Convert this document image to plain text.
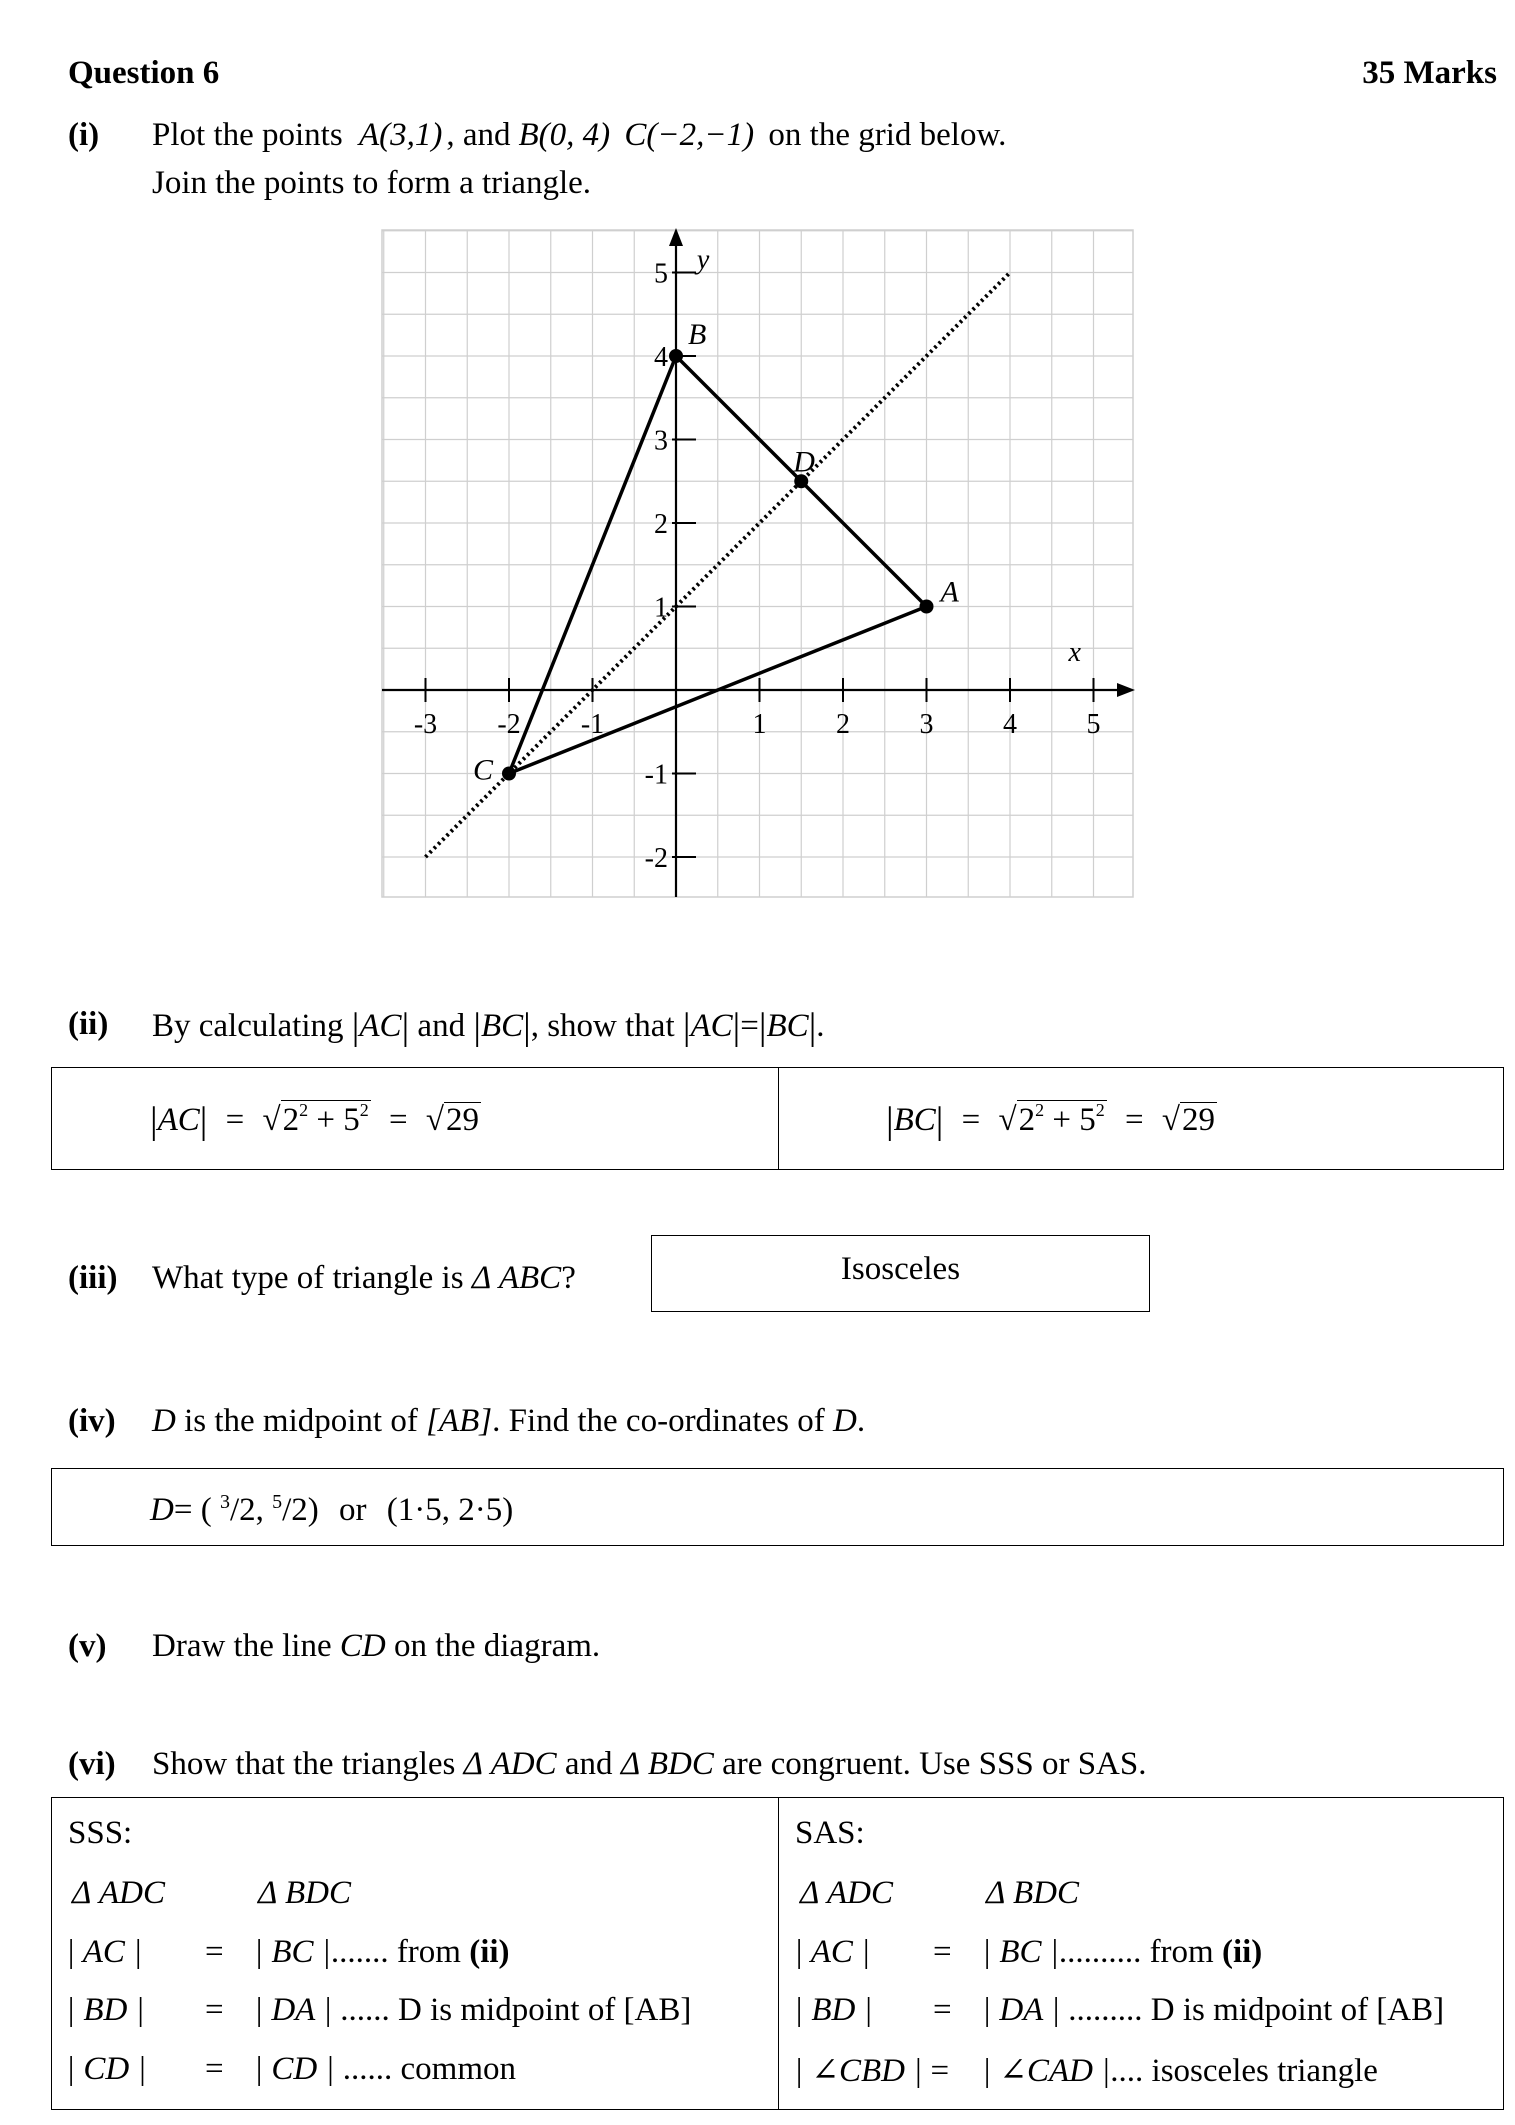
Question 6	35 Marks
(i) Plot the points A(3,1) , and B(0, 4) C(−2,−1) on the grid below.
Join the points to form a triangle.
x
y
-3 -2 -1	1 2 3 4 5
-2
-1
1
2
3
4
5
A
B
C
D
(ii) By calculating |AC| and |BC|, show that |AC|=|BC|.
$|AC| = √2^2 + 5^2 = √29$	$|BC| = √2^2 + 5^2 = √29$
(iii) What type of triangle is Δ ABC?	Isosceles
(iv) D is the midpoint of [AB]. Find the co-ordinates of D.
D= ( $^3$/2, $^5$/2) or (1·5, 2·5)
(v) Draw the line CD on the diagram.
(vi) Show that the triangles Δ ADC and Δ BDC are congruent. Use SSS or SAS.
SSS:
Δ ADC	Δ BDC
| AC | = | BC |....... from (ii)
| BD | = | DA | ...... D is midpoint of [AB]
| CD | = | CD | ...... common
SAS:
Δ ADC	Δ BDC
| AC | = | BC |.......... from (ii)
| BD | = | DA | ......... D is midpoint of [AB]
| ∠CBD | = | ∠CAD |.... isosceles triangle
